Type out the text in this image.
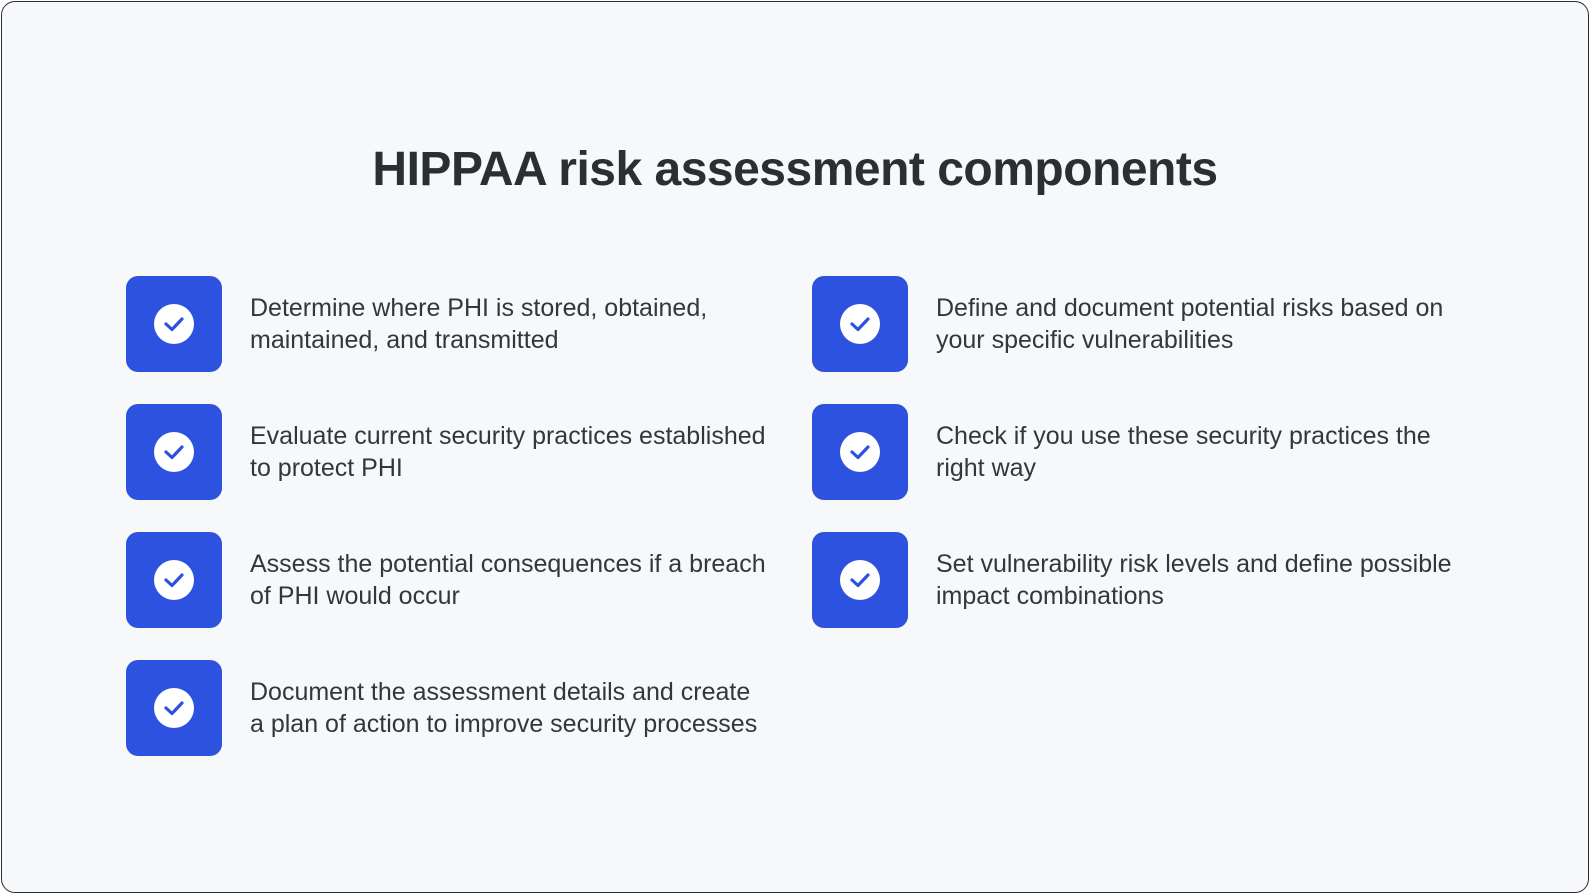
HIPPAA risk assessment components
Determine where PHI is stored, obtained, maintained, and transmitted
Define and document potential risks based on your specific vulnerabilities
Evaluate current security practices established to protect PHI
Check if you use these security practices the right way
Assess the potential consequences if a breach of PHI would occur
Set vulnerability risk levels and define possible impact combinations
Document the assessment details and create a plan of action to improve security processes
